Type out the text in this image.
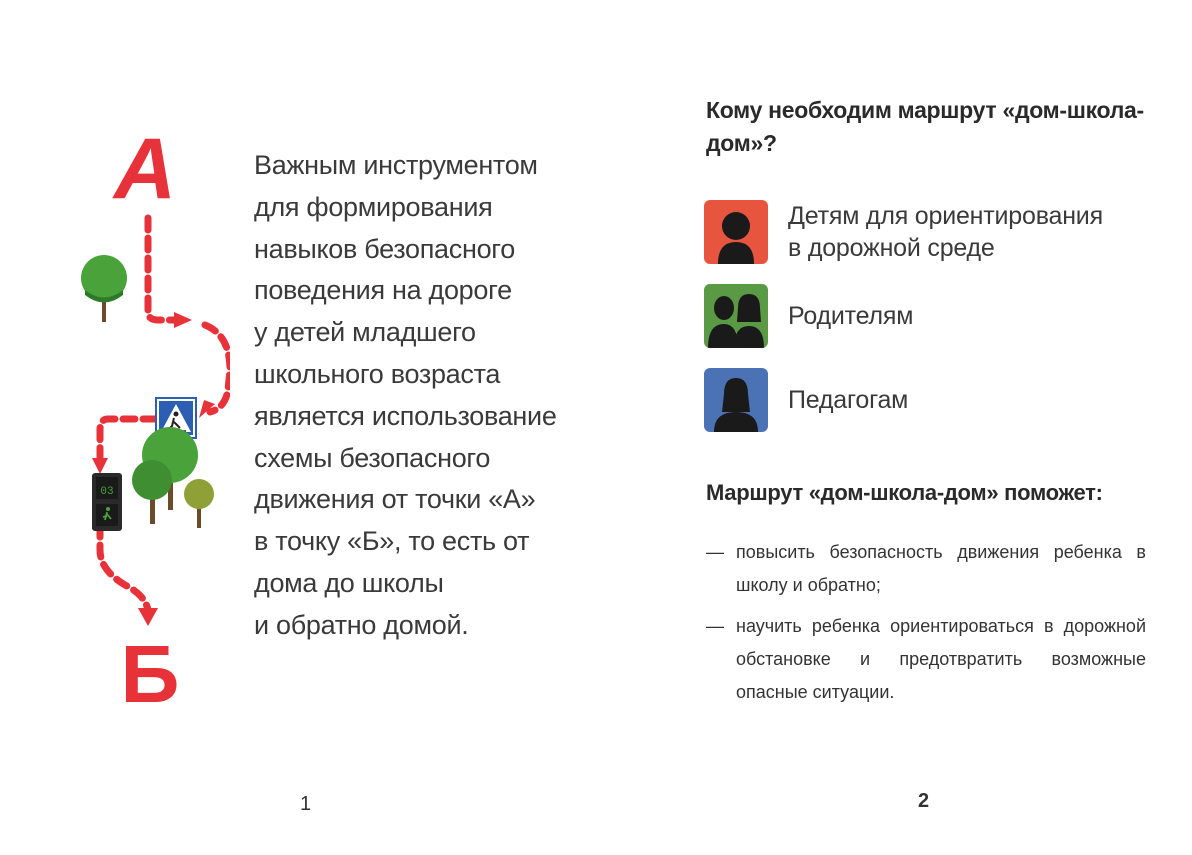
А
03
Б
Важным инструментом
для формирования
навыков безопасного
поведения на дороге
у детей младшего
школьного возраста
является использование
схемы безопасного
движения от точки «А»
в точку «Б», то есть от
дома до школы
и обратно домой.
1
Кому необходим маршрут «дом-школа-дом»?
Детям для ориентирования
в дорожной среде
Родителям
Педагогам
Маршрут «дом-школа-дом» поможет:
— повысить безопасность движения ребенка в школу и обратно;
— научить ребенка ориентироваться в дорожной обстановке и предотвратить возможные опасные ситуации.
2
